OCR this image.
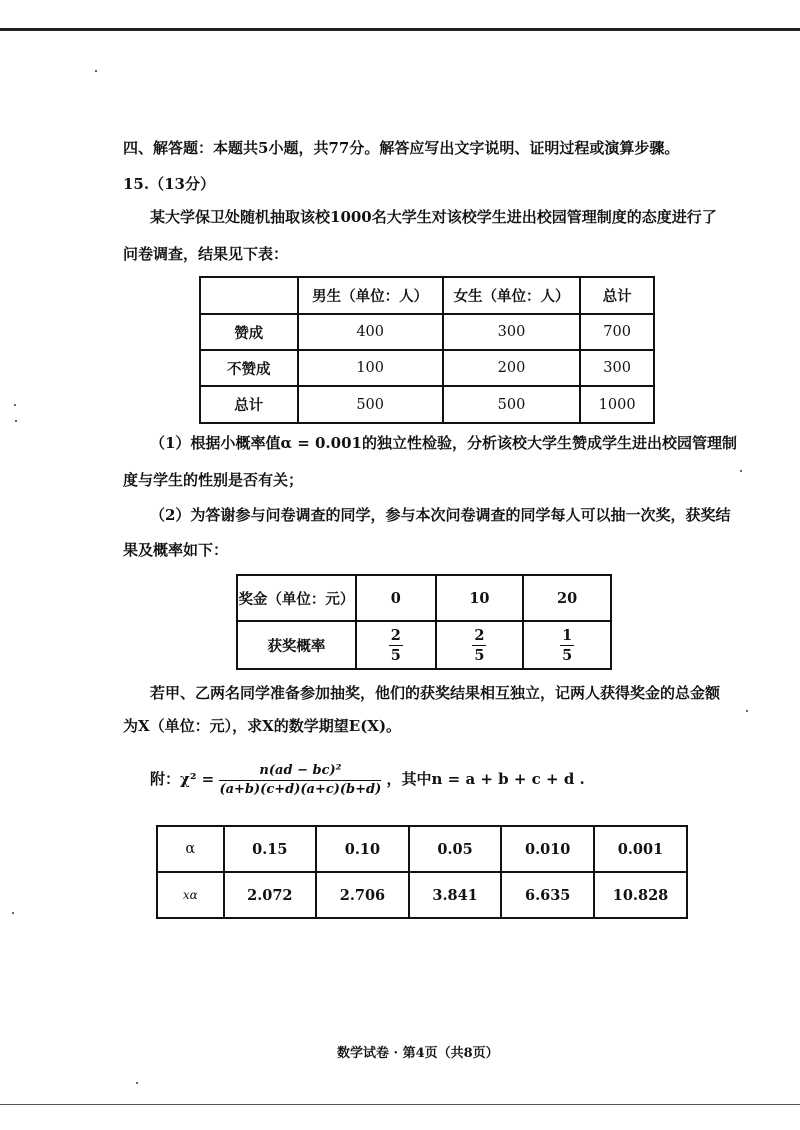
四、解答题：本题共5小题，共77分。解答应写出文字说明、证明过程或演算步骤。
15.（13分）
某大学保卫处随机抽取该校1000名大学生对该校学生进出校园管理制度的态度进行了
问卷调查，结果见下表：
	男生（单位：人）	女生（单位：人）	总计
赞成	400	300	700
不赞成	100	200	300
总计	500	500	1000
（1）根据小概率值α = 0.001的独立性检验，分析该校大学生赞成学生进出校园管理制
度与学生的性别是否有关；
（2）为答谢参与问卷调查的同学，参与本次问卷调查的同学每人可以抽一次奖，获奖结
果及概率如下：
奖金（单位：元）	0	10	20
获奖概率	$\frac{2}{5}$	$\frac{2}{5}$	$\frac{1}{5}$
若甲、乙两名同学准备参加抽奖，他们的获奖结果相互独立，记两人获得奖金的总金额
为X（单位：元），求X的数学期望E(X)。
附：$\chi^2 = \frac{\text{n(ad − bc)²}}{(a+b)(c+d)(a+c)(b+d)}$ ，其中n = a + b + c + d .
α	0.15	0.10	0.05	0.010	0.001
xα	2.072	2.706	3.841	6.635	10.828
数学试卷 · 第4页（共8页）
